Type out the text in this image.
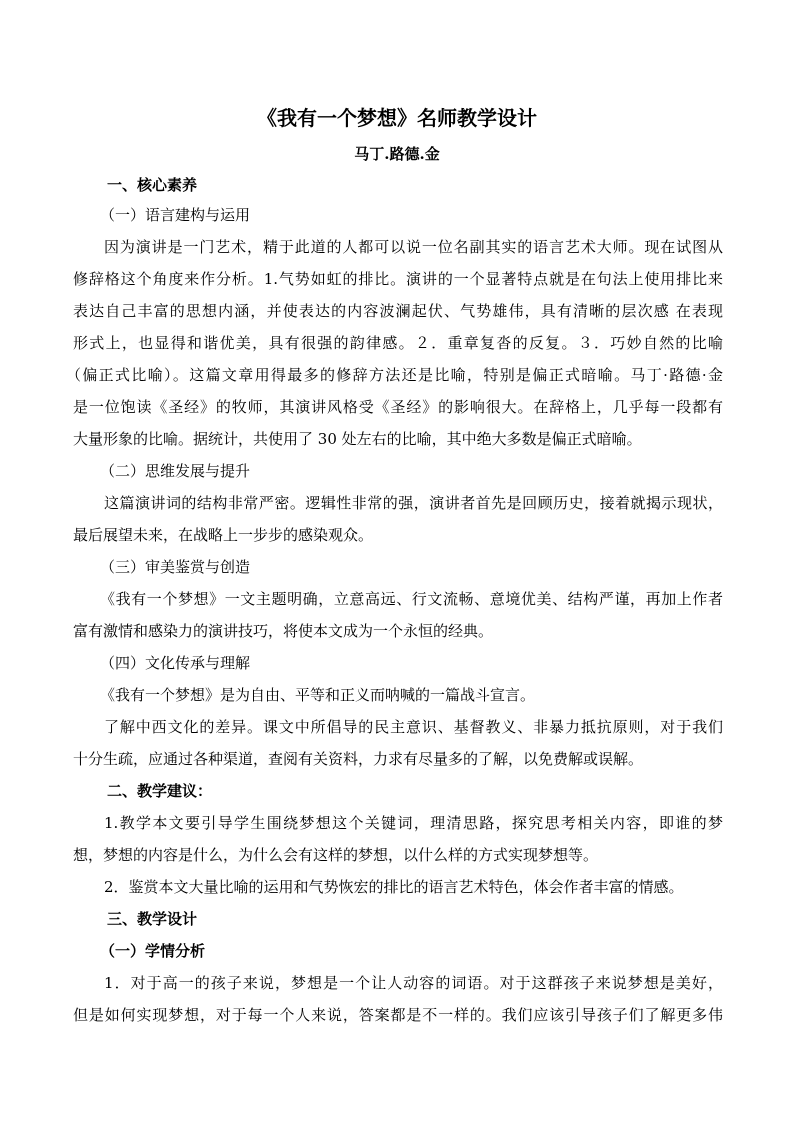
《我有一个梦想》名师教学设计
马丁.路德.金
一、核心素养
（一）语言建构与运用
因为演讲是一门艺术，精于此道的人都可以说一位名副其实的语言艺术大师。现在试图从
修辞格这个角度来作分析。1.气势如虹的排比。演讲的一个显著特点就是在句法上使用排比来
表达自己丰富的思想内涵，并使表达的内容波澜起伏、气势雄伟，具有清晰的层次感 在表现
形式上，也显得和谐优美，具有很强的韵律感。２．重章复沓的反复。３．巧妙自然的比喻
（偏正式比喻）。这篇文章用得最多的修辞方法还是比喻，特别是偏正式暗喻。马丁·路德·金
是一位饱读《圣经》的牧师，其演讲风格受《圣经》的影响很大。在辞格上，几乎每一段都有
大量形象的比喻。据统计，共使用了 30 处左右的比喻，其中绝大多数是偏正式暗喻。
（二）思维发展与提升
这篇演讲词的结构非常严密。逻辑性非常的强，演讲者首先是回顾历史，接着就揭示现状，
最后展望未来，在战略上一步步的感染观众。
（三）审美鉴赏与创造
《我有一个梦想》一文主题明确，立意高远、行文流畅、意境优美、结构严谨，再加上作者
富有激情和感染力的演讲技巧，将使本文成为一个永恒的经典。
（四）文化传承与理解
《我有一个梦想》是为自由、平等和正义而呐喊的一篇战斗宣言。
了解中西文化的差异。课文中所倡导的民主意识、基督教义、非暴力抵抗原则，对于我们
十分生疏，应通过各种渠道，查阅有关资料，力求有尽量多的了解，以免费解或误解。
二、教学建议：
1.教学本文要引导学生围绕梦想这个关键词，理清思路，探究思考相关内容，即谁的梦
想，梦想的内容是什么，为什么会有这样的梦想，以什么样的方式实现梦想等。
2．鉴赏本文大量比喻的运用和气势恢宏的排比的语言艺术特色，体会作者丰富的情感。
三、教学设计
（一）学情分析
1．对于高一的孩子来说，梦想是一个让人动容的词语。对于这群孩子来说梦想是美好，
但是如何实现梦想，对于每一个人来说，答案都是不一样的。我们应该引导孩子们了解更多伟
